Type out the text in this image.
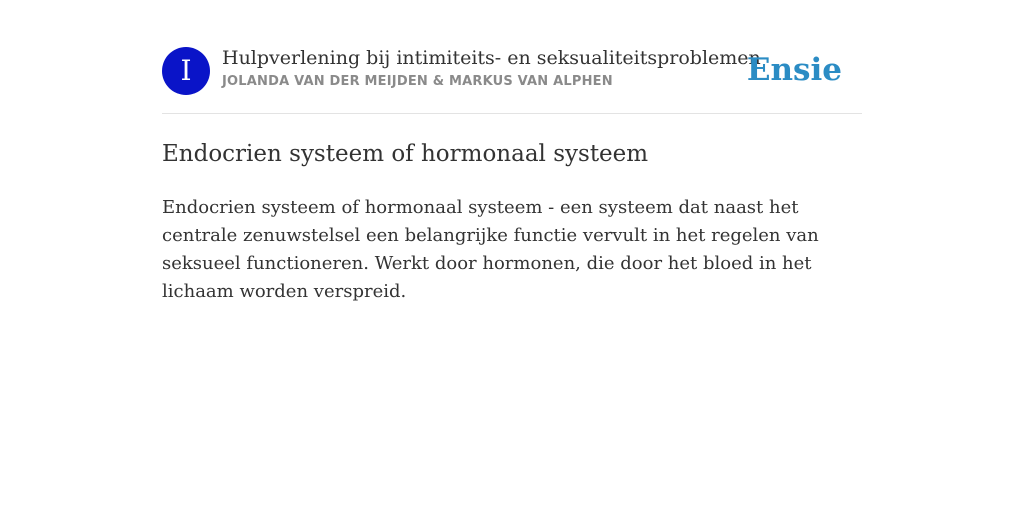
I	Hulpverlening bij intimiteits- en seksualiteitsproblemen
JOLANDA VAN DER MEIJDEN & MARKUS VAN ALPHEN	Ensie
Endocrien systeem of hormonaal systeem

Endocrien systeem of hormonaal systeem - een systeem dat naast het centrale zenuwstelsel een belangrijke functie vervult in het regelen van seksueel functioneren. Werkt door hormonen, die door het bloed in het lichaam worden verspreid.
